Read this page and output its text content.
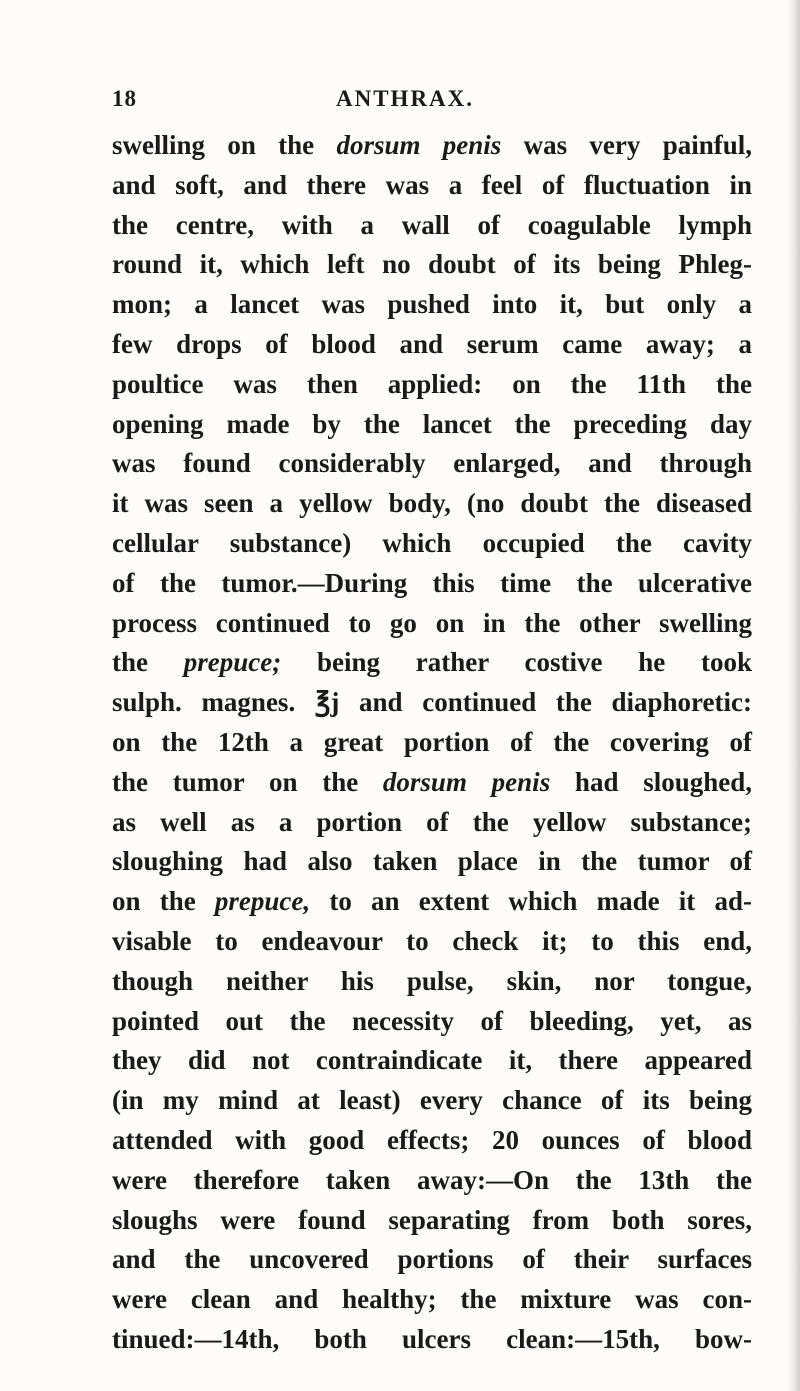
18	ANTHRAX.
swelling on the dorsum penis was very painful,
and soft, and there was a feel of fluctuation in
the centre, with a wall of coagulable lymph
round it, which left no doubt of its being Phleg-
mon; a lancet was pushed into it, but only a
few drops of blood and serum came away; a
poultice was then applied: on the 11th the
opening made by the lancet the preceding day
was found considerably enlarged, and through
it was seen a yellow body, (no doubt the diseased
cellular substance) which occupied the cavity
of the tumor.—During this time the ulcerative
process continued to go on in the other swelling
the prepuce; being rather costive he took
sulph. magnes. ℥j and continued the diaphoretic:
on the 12th a great portion of the covering of
the tumor on the dorsum penis had sloughed,
as well as a portion of the yellow substance;
sloughing had also taken place in the tumor of
on the prepuce, to an extent which made it ad-
visable to endeavour to check it; to this end,
though neither his pulse, skin, nor tongue,
pointed out the necessity of bleeding, yet, as
they did not contraindicate it, there appeared
(in my mind at least) every chance of its being
attended with good effects; 20 ounces of blood
were therefore taken away:—On the 13th the
sloughs were found separating from both sores,
and the uncovered portions of their surfaces
were clean and healthy; the mixture was con-
tinued:—14th, both ulcers clean:—15th, bow-
